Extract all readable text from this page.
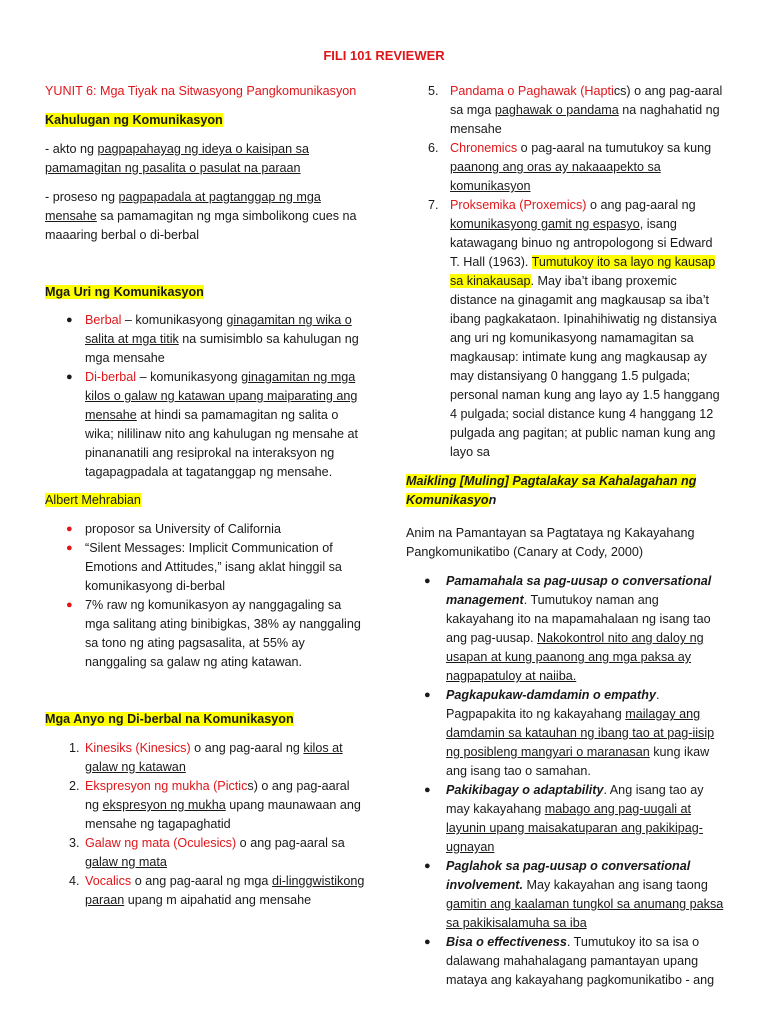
FILI 101 REVIEWER

YUNIT 6: Mga Tiyak na Sitwasyong Pangkomunikasyon

Kahulugan ng Komunikasyon

- akto ng pagpapahayag ng ideya o kaisipan sa pamamagitan ng pasalita o pasulat na paraan

- proseso ng pagpapadala at pagtanggap ng mga mensahe sa pamamagitan ng mga simbolikong cues na maaaring berbal o di-berbal

Mga Uri ng Komunikasyon

● Berbal – komunikasyong ginagamitan ng wika o salita at mga titik na sumisimblo sa kahulugan ng mga mensahe
● Di-berbal – komunikasyong ginagamitan ng mga kilos o galaw ng katawan upang maiparating ang mensahe at hindi sa pamamagitan ng salita o wika; nililinaw nito ang kahulugan ng mensahe at pinananatili ang resiprokal na interaksyon ng tagapagpadala at tagatanggap ng mensahe.

Albert Mehrabian

● proposor sa University of California
● “Silent Messages: Implicit Communication of Emotions and Attitudes,” isang aklat hinggil sa komunikasyong di-berbal
● 7% raw ng komunikasyon ay nanggagaling sa mga salitang ating binibigkas, 38% ay nanggaling sa tono ng ating pagsasalita, at 55% ay nanggaling sa galaw ng ating katawan.

Mga Anyo ng Di-berbal na Komunikasyon

1. Kinesiks (Kinesics) o ang pag-aaral ng kilos at galaw ng katawan
2. Ekspresyon ng mukha (Pictics) o ang pag-aaral ng ekspresyon ng mukha upang maunawaan ang mensahe ng tagapaghatid
3. Galaw ng mata (Oculesics) o ang pag-aaral sa galaw ng mata
4. Vocalics o ang pag-aaral ng mga di-linggwistikong paraan upang m aipahatid ang mensahe
5. Pandama o Paghawak (Haptics) o ang pag-aaral sa mga paghawak o pandama na naghahatid ng mensahe
6. Chronemics o pag-aaral na tumutukoy sa kung paanong ang oras ay nakaaapekto sa komunikasyon
7. Proksemika (Proxemics) o ang pag-aaral ng komunikasyong gamit ng espasyo, isang katawagang binuo ng antropologong si Edward T. Hall (1963). Tumutukoy ito sa layo ng kausap sa kinakausap. May iba’t ibang proxemic distance na ginagamit ang magkausap sa iba’t ibang pagkakataon. Ipinahihiwatig ng distansiya ang uri ng komunikasyong namamagitan sa magkausap: intimate kung ang magkausap ay may distansiyang 0 hanggang 1.5 pulgada; personal naman kung ang layo ay 1.5 hanggang 4 pulgada; social distance kung 4 hanggang 12 pulgada ang pagitan; at public naman kung ang layo sa

Maikling [Muling] Pagtalakay sa Kahalagahan ng Komunikasyon

Anim na Pamantayan sa Pagtataya ng Kakayahang Pangkomunikatibo (Canary at Cody, 2000)

● Pamamahala sa pag-uusap o conversational management. Tumutukoy naman ang kakayahang ito na mapamahalaan ng isang tao ang pag-uusap. Nakokontrol nito ang daloy ng usapan at kung paanong ang mga paksa ay nagpapatuloy at naiiba.
● Pagkapukaw-damdamin o empathy. Pagpapakita ito ng kakayahang mailagay ang damdamin sa katauhan ng ibang tao at pag-iisip ng posibleng mangyari o maranasan kung ikaw ang isang tao o samahan.
● Pakikibagay o adaptability. Ang isang tao ay may kakayahang mabago ang pag-uugali at layunin upang maisakatuparan ang pakikipag-ugnayan
● Paglahok sa pag-uusap o conversational involvement. May kakayahan ang isang taong gamitin ang kaalaman tungkol sa anumang paksa sa pakikisalamuha sa iba
● Bisa o effectiveness. Tumutukoy ito sa isa o dalawang mahahalagang pamantayan upang mataya ang kakayahang pagkomunikatibo - ang
